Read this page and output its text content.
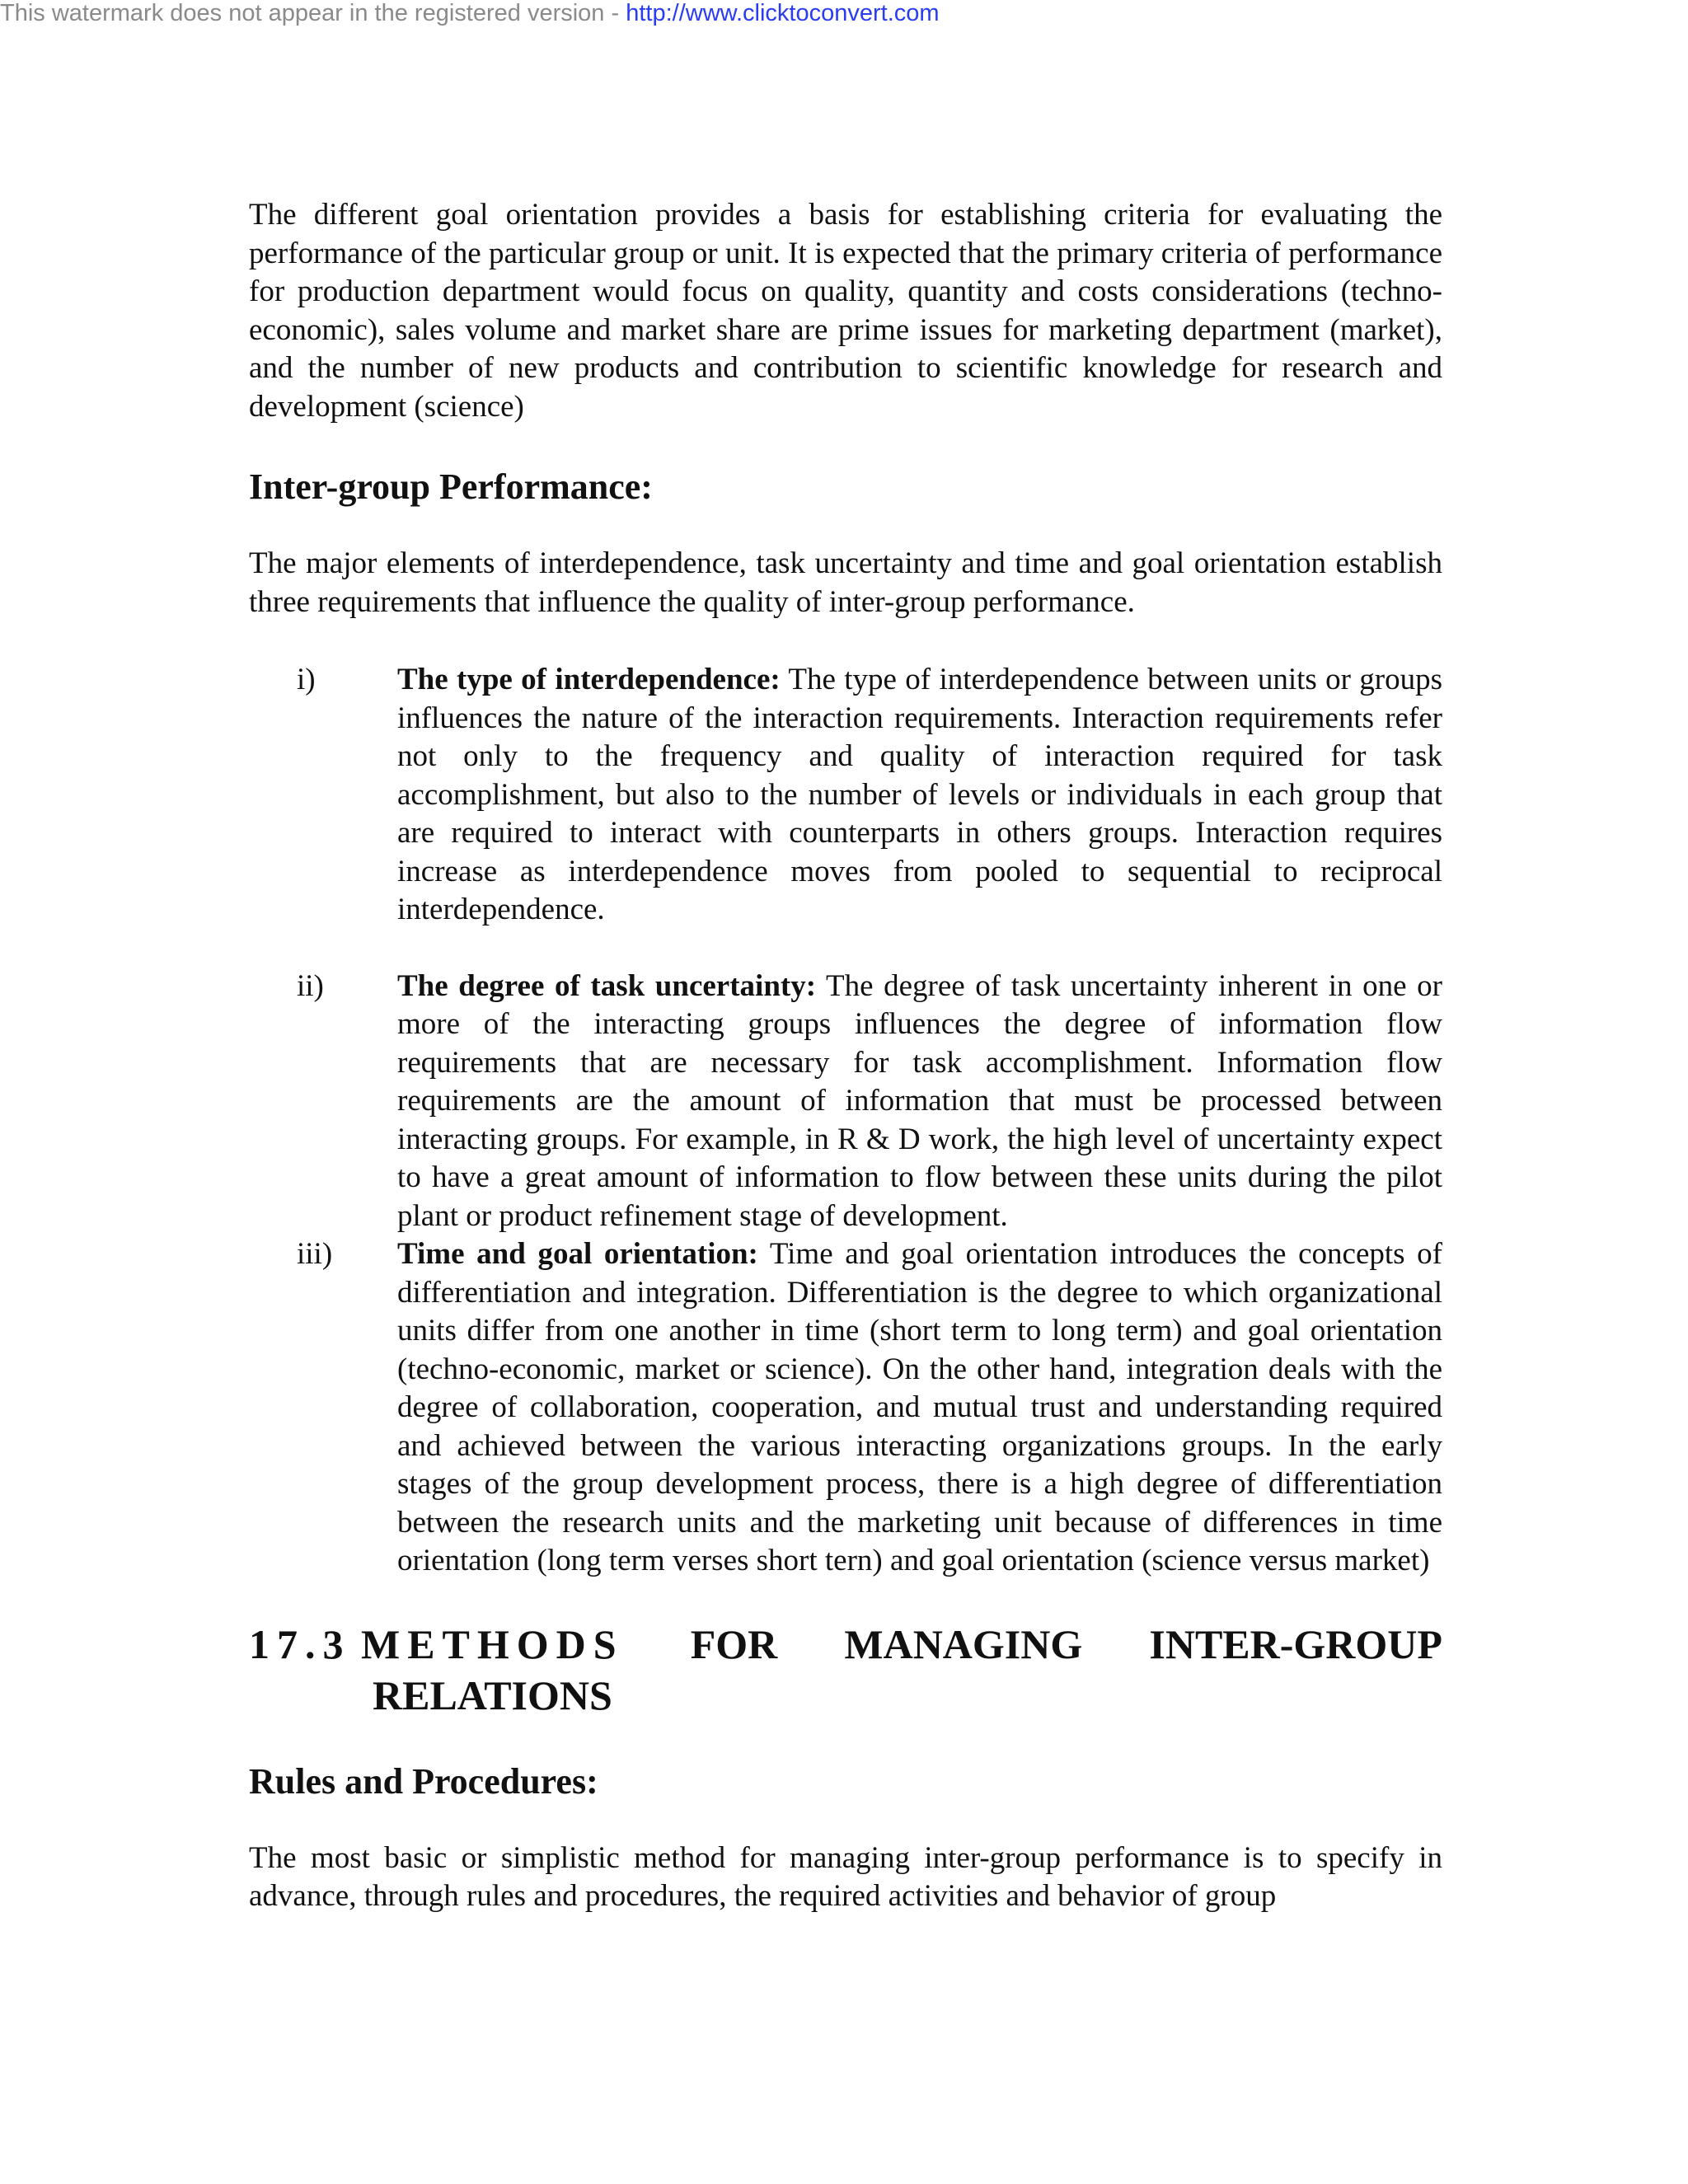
This watermark does not appear in the registered version - http://www.clicktoconvert.com

The different goal orientation provides a basis for establishing criteria for evaluating the performance of the particular group or unit. It is expected that the primary criteria of performance for production department would focus on quality, quantity and costs considerations (techno-economic), sales volume and market share are prime issues for marketing department (market), and the number of new products and contribution to scientific knowledge for research and development (science)

Inter-group Performance:

The major elements of interdependence, task uncertainty and time and goal orientation establish three requirements that influence the quality of inter-group performance.

i)	The type of interdependence: The type of interdependence between units or groups influences the nature of the interaction requirements. Interaction requirements refer not only to the frequency and quality of interaction required for task accomplishment, but also to the number of levels or individuals in each group that are required to interact with counterparts in others groups. Interaction requires increase as interdependence moves from pooled to sequential to reciprocal interdependence.

ii) The degree of task uncertainty: The degree of task uncertainty inherent in one or more of the interacting groups influences the degree of information flow requirements that are necessary for task accomplishment. Information flow requirements are the amount of information that must be processed between interacting groups. For example, in R & D work, the high level of uncertainty expect to have a great amount of information to flow between these units during the pilot plant or product refinement stage of development.

iii) Time and goal orientation: Time and goal orientation introduces the concepts of differentiation and integration. Differentiation is the degree to which organizational units differ from one another in time (short term to long term) and goal orientation (techno-economic, market or science). On the other hand, integration deals with the degree of collaboration, cooperation, and mutual trust and understanding required and achieved between the various interacting organizations groups. In the early stages of the group development process, there is a high degree of differentiation between the research units and the marketing unit because of differences in time orientation (long term verses short tern) and goal orientation (science versus market)

17.3 METHODS FOR MANAGING INTER-GROUP
RELATIONS
Rules and Procedures:

The most basic or simplistic method for managing inter-group performance is to specify in advance, through rules and procedures, the required activities and behavior of group
